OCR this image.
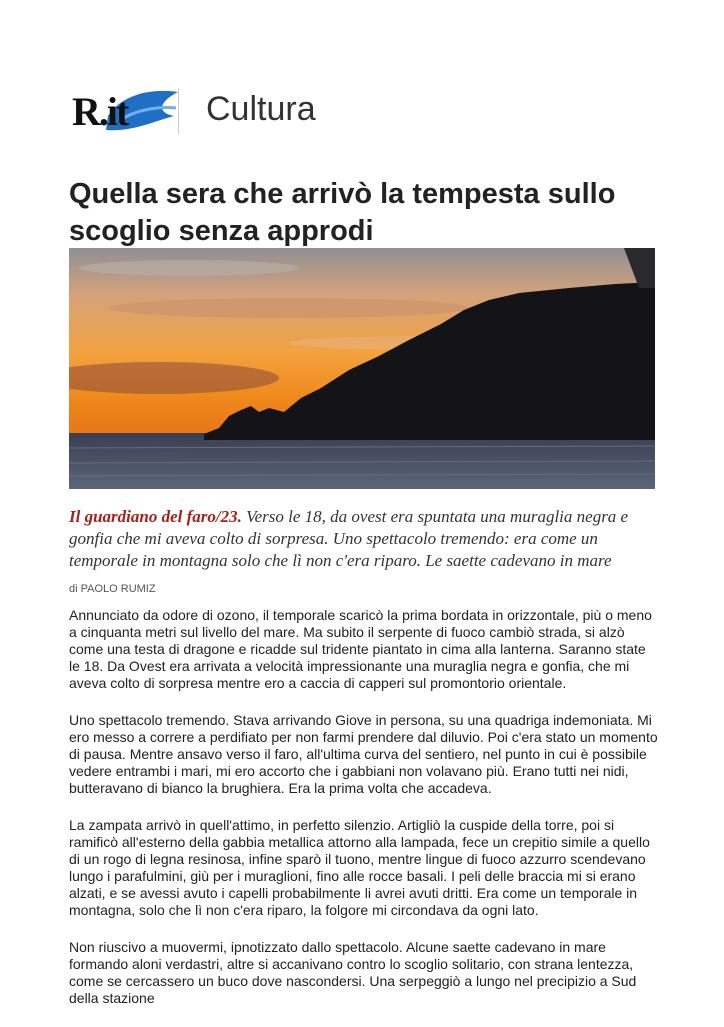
R.it Cultura
Quella sera che arrivò la tempesta sullo scoglio senza approdi

Il guardiano del faro/23. Verso le 18, da ovest era spuntata una muraglia negra e gonfia che mi aveva colto di sorpresa. Uno spettacolo tremendo: era come un temporale in montagna solo che lì non c'era riparo. Le saette cadevano in mare

di PAOLO RUMIZ

Annunciato da odore di ozono, il temporale scaricò la prima bordata in orizzontale, più o meno a cinquanta metri sul livello del mare. Ma subito il serpente di fuoco cambiò strada, si alzò come una testa di dragone e ricadde sul tridente piantato in cima alla lanterna. Saranno state le 18. Da Ovest era arrivata a velocità impressionante una muraglia negra e gonfia, che mi aveva colto di sorpresa mentre ero a caccia di capperi sul promontorio orientale.

Uno spettacolo tremendo. Stava arrivando Giove in persona, su una quadriga indemoniata. Mi ero messo a correre a perdifiato per non farmi prendere dal diluvio. Poi c'era stato un momento di pausa. Mentre ansavo verso il faro, all'ultima curva del sentiero, nel punto in cui è possibile vedere entrambi i mari, mi ero accorto che i gabbiani non volavano più. Erano tutti nei nidi, butteravano di bianco la brughiera. Era la prima volta che accadeva.

La zampata arrivò in quell'attimo, in perfetto silenzio. Artigliò la cuspide della torre, poi si ramificò all'esterno della gabbia metallica attorno alla lampada, fece un crepitio simile a quello di un rogo di legna resinosa, infine sparò il tuono, mentre lingue di fuoco azzurro scendevano lungo i parafulmini, giù per i muraglioni, fino alle rocce basali. I peli delle braccia mi si erano alzati, e se avessi avuto i capelli probabilmente li avrei avuti dritti. Era come un temporale in montagna, solo che lì non c'era riparo, la folgore mi circondava da ogni lato.

Non riuscivo a muovermi, ipnotizzato dallo spettacolo. Alcune saette cadevano in mare formando aloni verdastri, altre si accanivano contro lo scoglio solitario, con strana lentezza, come se cercassero un buco dove nascondersi. Una serpeggiò a lungo nel precipizio a Sud della stazione
